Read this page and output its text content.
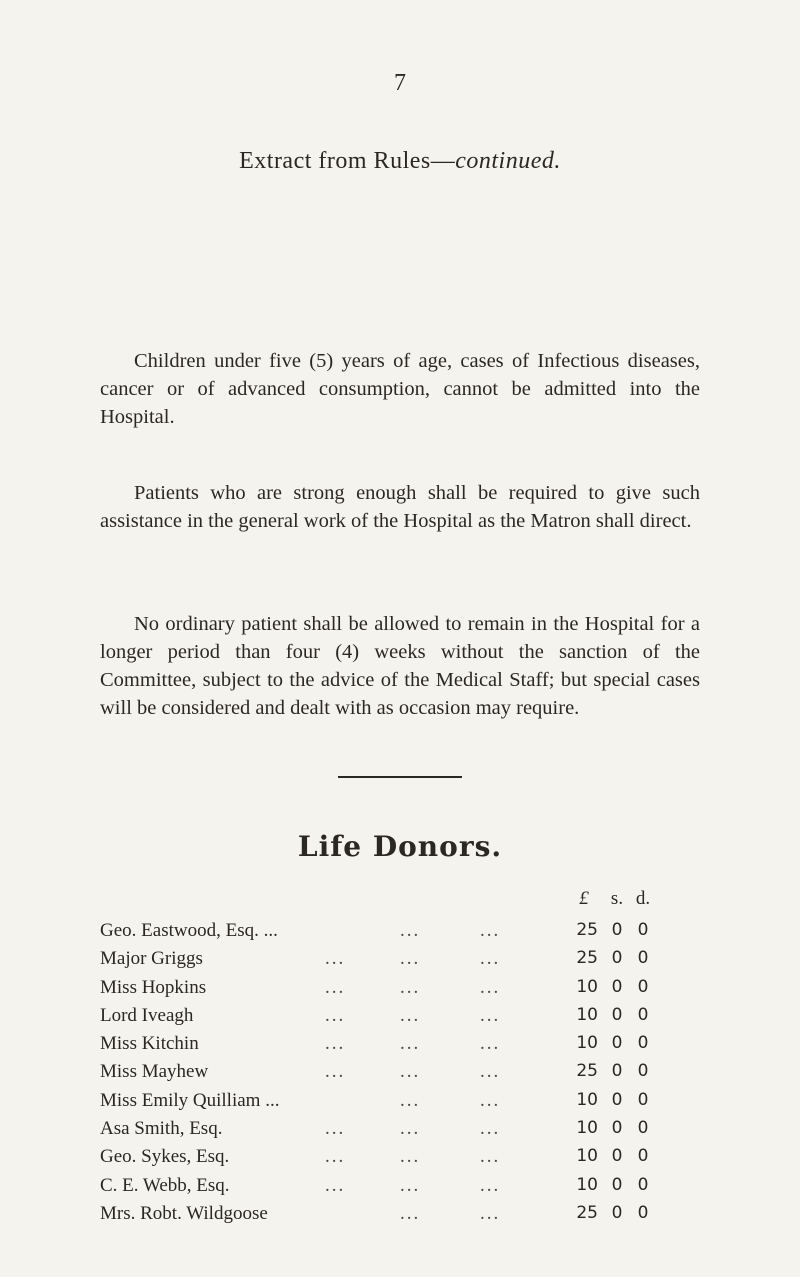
7
Extract from Rules—continued.

Children under five (5) years of age, cases of Infectious diseases, cancer or of advanced consumption, cannot be admitted into the Hospital.

Patients who are strong enough shall be required to give such assistance in the general work of the Hospital as the Matron shall direct.

No ordinary patient shall be allowed to remain in the Hospital for a longer period than four (4) weeks without the sanction of the Committee, subject to the advice of the Medical Staff; but special cases will be considered and dealt with as occasion may require.

Life Donors.
£	s. d.
Geo. Eastwood, Esq. ...	...	...	25 0 0
Major Griggs	...	...	...	25 0 0
Miss Hopkins	...	...	...	10 0 0
Lord Iveagh	...	...	...	10 0 0
Miss Kitchin	...	...	...	10 0 0
Miss Mayhew	...	...	...	25 0 0
Miss Emily Quilliam ...	...	...	10 0 0
Asa Smith, Esq.	...	...	...	10 0 0
Geo. Sykes, Esq.	...	...	...	10 0 0
C. E. Webb, Esq.	...	...	...	10 0 0
Mrs. Robt. Wildgoose	...	...	25 0 0
